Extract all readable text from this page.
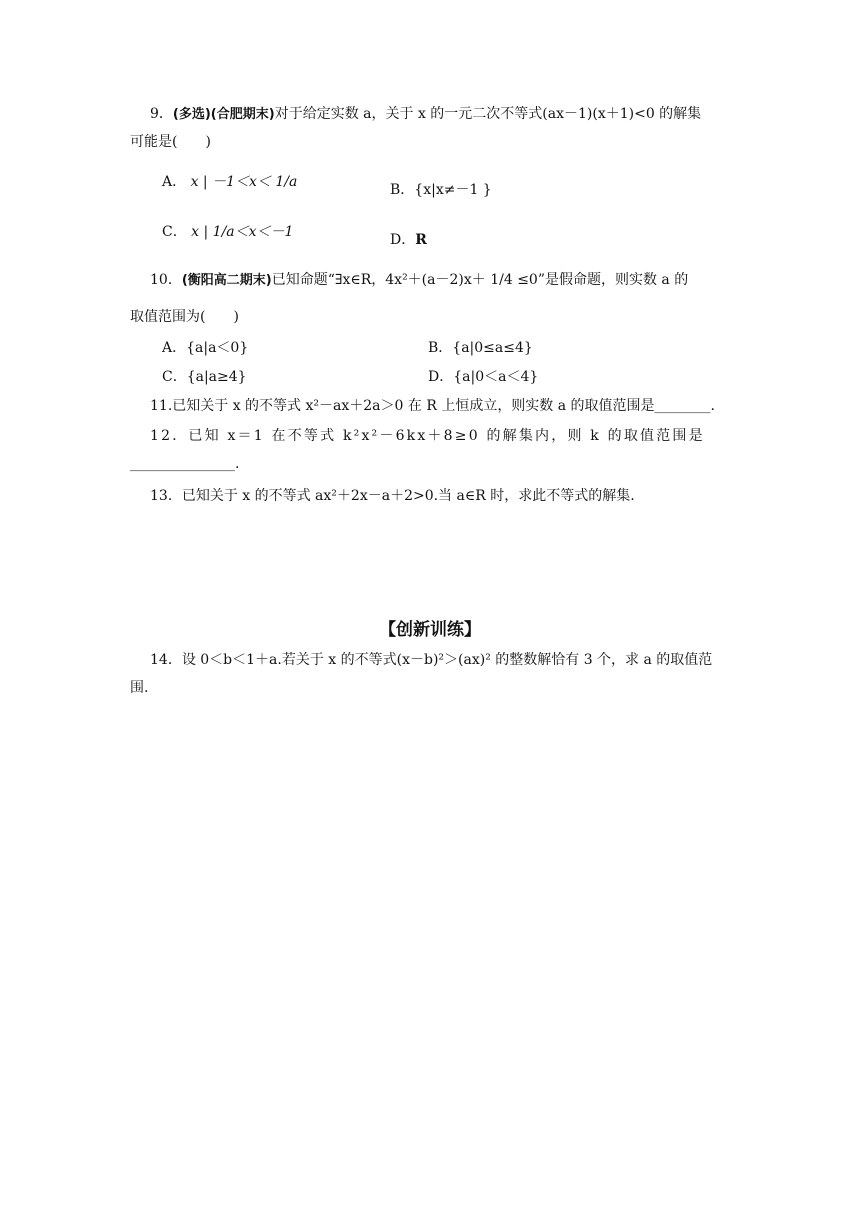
9．(多选)(合肥期末)对于给定实数 a，关于 x 的一元二次不等式(ax－1)(x＋1)<0 的解集
可能是(　　)
A． x | －1＜x＜ 1/a	B．{x|x≠－1 }
C． x | 1/a＜x＜－1	D．R
10．(衡阳高二期末)已知命题“∃x∈R，4x²＋(a－2)x＋ 1/4 ≤0”是假命题，则实数 a 的
取值范围为(　　)
A．{a|a＜0}	B．{a|0≤a≤4}
C．{a|a≥4}	D．{a|0＜a＜4}
11.已知关于 x 的不等式 x²－ax＋2a＞0 在 R 上恒成立，则实数 a 的取值范围是________.
12．已知 x＝1 在不等式 k²x²－6kx＋8≥0 的解集内，则 k 的取值范围是
_______________.
13．已知关于 x 的不等式 ax²＋2x－a＋2>0.当 a∈R 时，求此不等式的解集.
【创新训练】
14．设 0＜b＜1＋a.若关于 x 的不等式(x－b)²＞(ax)² 的整数解恰有 3 个，求 a 的取值范
围.
